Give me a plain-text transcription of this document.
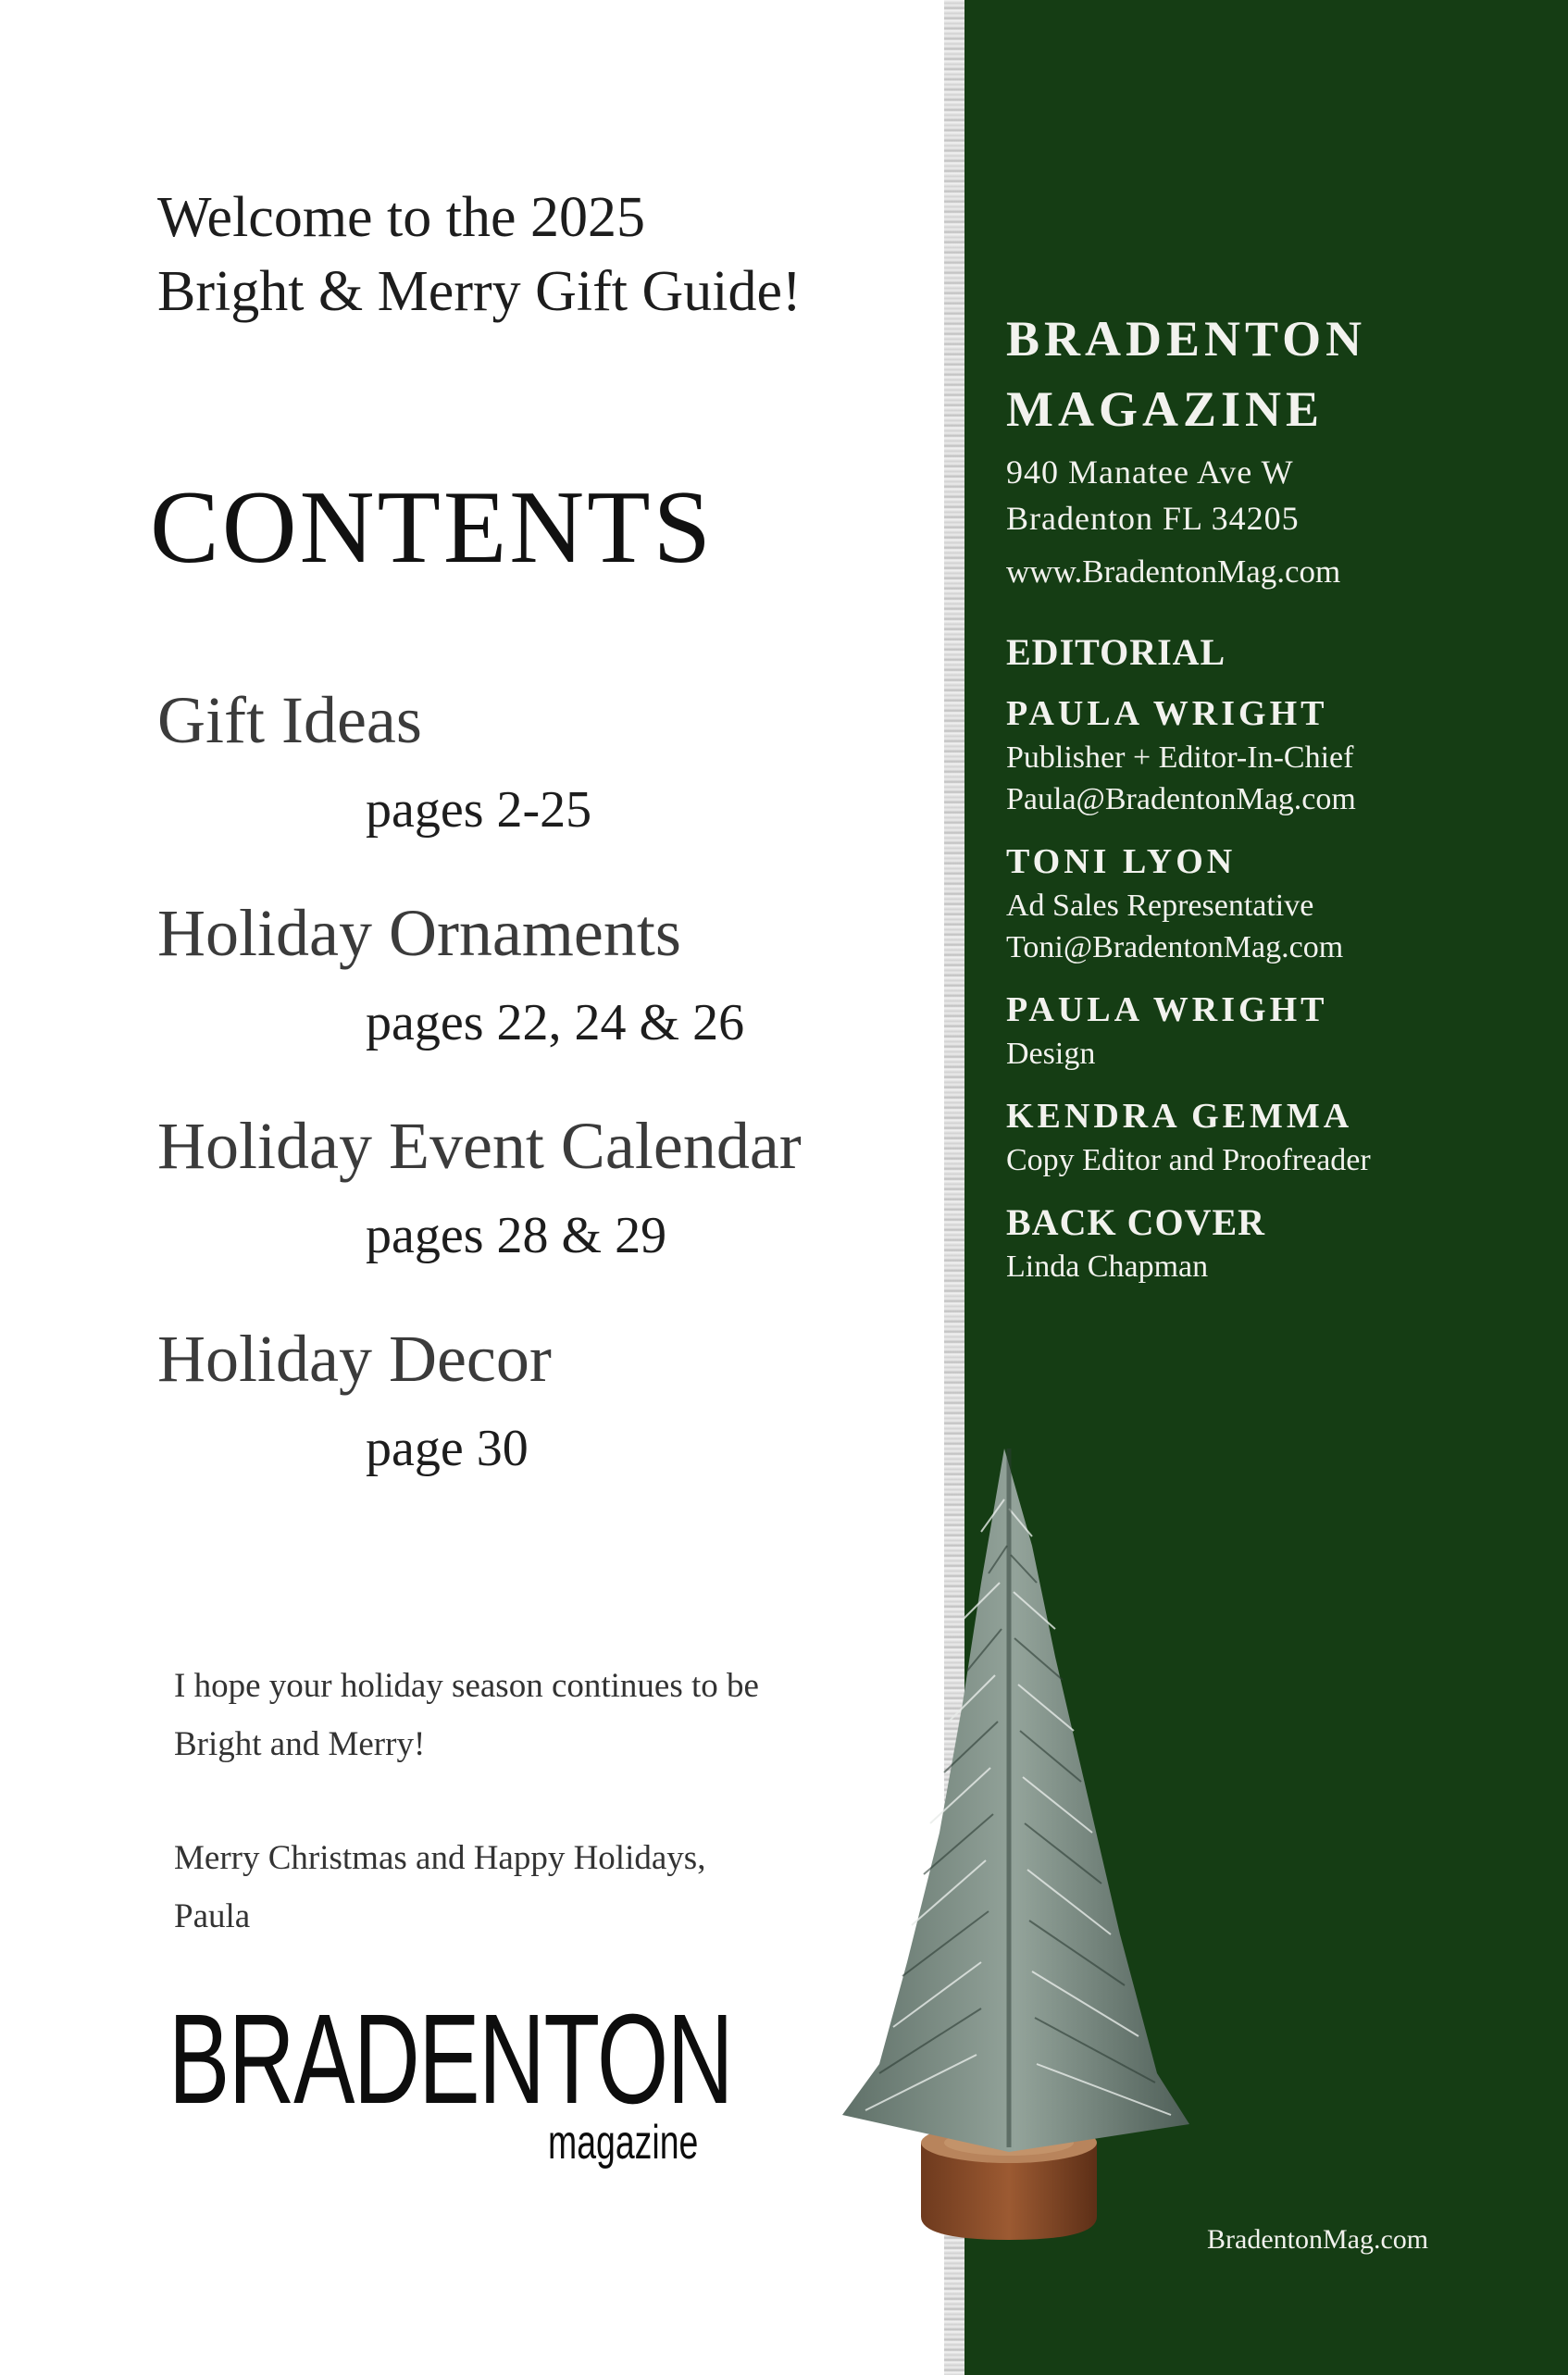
Welcome to the 2025
Bright & Merry Gift Guide!
CONTENTS
Gift Ideas
pages 2-25
Holiday Ornaments
pages 22, 24 & 26
Holiday Event Calendar
pages 28 & 29
Holiday Decor
page 30

I hope your holiday season continues to be
Bright and Merry!

Merry Christmas and Happy Holidays,
Paula

BRADENTON
magazine
BRADENTON
MAGAZINE
940 Manatee Ave W
Bradenton FL 34205
www.BradentonMag.com
EDITORIAL
PAULA WRIGHT
Publisher + Editor-In-Chief
Paula@BradentonMag.com
TONI LYON
Ad Sales Representative
Toni@BradentonMag.com
PAULA WRIGHT
Design
KENDRA GEMMA
Copy Editor and Proofreader
BACK COVER
Linda Chapman
BradentonMag.com
